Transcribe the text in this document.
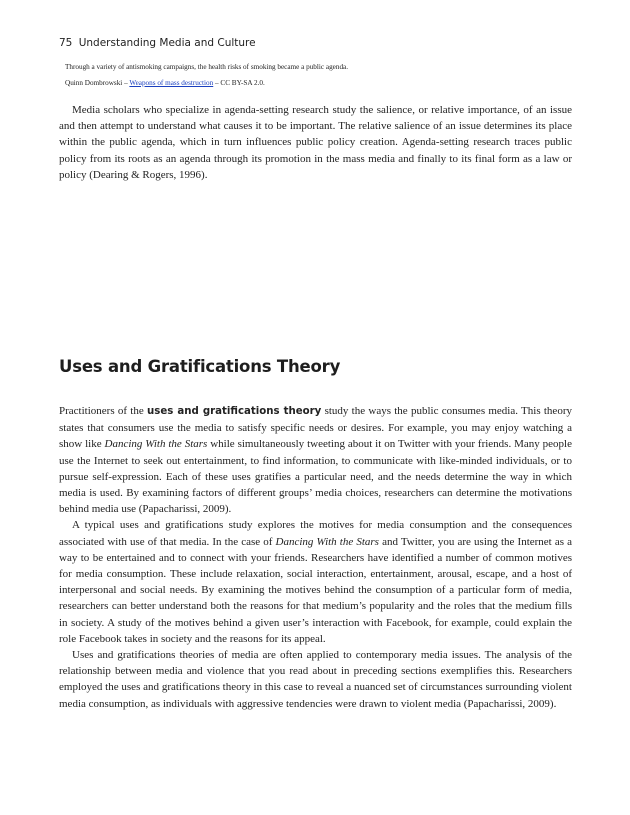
75 Understanding Media and Culture
Through a variety of antismoking campaigns, the health risks of smoking became a public agenda.
Quinn Dombrowski – Weapons of mass destruction – CC BY-SA 2.0.

Media scholars who specialize in agenda-setting research study the salience, or relative importance, of an issue and then attempt to understand what causes it to be important. The relative salience of an issue determines its place within the public agenda, which in turn influences public policy creation. Agenda-setting research traces public policy from its roots as an agenda through its promotion in the mass media and finally to its final form as a law or policy (Dearing & Rogers, 1996).

Uses and Gratifications Theory

Practitioners of the uses and gratifications theory study the ways the public consumes media. This theory states that consumers use the media to satisfy specific needs or desires. For example, you may enjoy watching a show like Dancing With the Stars while simultaneously tweeting about it on Twitter with your friends. Many people use the Internet to seek out entertainment, to find information, to communicate with like-minded individuals, or to pursue self-expression. Each of these uses gratifies a particular need, and the needs determine the way in which media is used. By examining factors of different groups’ media choices, researchers can determine the motivations behind media use (Papacharissi, 2009).

A typical uses and gratifications study explores the motives for media consumption and the consequences associated with use of that media. In the case of Dancing With the Stars and Twitter, you are using the Internet as a way to be entertained and to connect with your friends. Researchers have identified a number of common motives for media consumption. These include relaxation, social interaction, entertainment, arousal, escape, and a host of interpersonal and social needs. By examining the motives behind the consumption of a particular form of media, researchers can better understand both the reasons for that medium’s popularity and the roles that the medium fills in society. A study of the motives behind a given user’s interaction with Facebook, for example, could explain the role Facebook takes in society and the reasons for its appeal.

Uses and gratifications theories of media are often applied to contemporary media issues. The analysis of the relationship between media and violence that you read about in preceding sections exemplifies this. Researchers employed the uses and gratifications theory in this case to reveal a nuanced set of circumstances surrounding violent media consumption, as individuals with aggressive tendencies were drawn to violent media (Papacharissi, 2009).
